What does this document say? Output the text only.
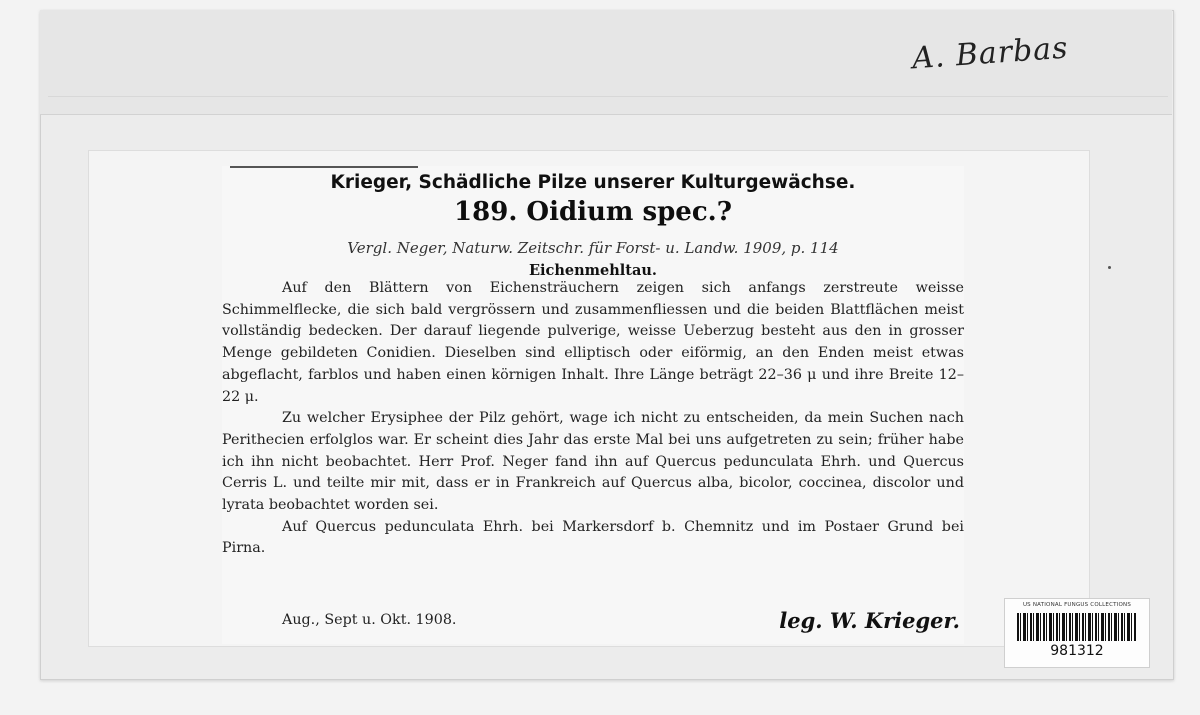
A. Barbas
Krieger, Schädliche Pilze unserer Kulturgewächse.
189. Oidium spec.?
Vergl. Neger, Naturw. Zeitschr. für Forst- u. Landw. 1909, p. 114
Eichenmehltau.

Auf den Blättern von Eichensträuchern zeigen sich anfangs zerstreute weisse Schimmelflecke, die sich bald vergrössern und zusammenfliessen und die beiden Blattflächen meist vollständig bedecken. Der darauf liegende pulverige, weisse Ueberzug besteht aus den in grosser Menge gebildeten Conidien. Dieselben sind elliptisch oder eiförmig, an den Enden meist etwas abgeflacht, farblos und haben einen körnigen Inhalt. Ihre Länge beträgt 22–36 μ und ihre Breite 12–22 μ.

Zu welcher Erysiphee der Pilz gehört, wage ich nicht zu entscheiden, da mein Suchen nach Perithecien erfolglos war. Er scheint dies Jahr das erste Mal bei uns aufgetreten zu sein; früher habe ich ihn nicht beobachtet. Herr Prof. Neger fand ihn auf Quercus pedunculata Ehrh. und Quercus Cerris L. und teilte mir mit, dass er in Frankreich auf Quercus alba, bicolor, coccinea, discolor und lyrata beobachtet worden sei.

Auf Quercus pedunculata Ehrh. bei Markersdorf b. Chemnitz und im Postaer Grund bei Pirna.

Aug., Sept u. Okt. 1908.	leg. W. Krieger.
US NATIONAL FUNGUS COLLECTIONS
981312
